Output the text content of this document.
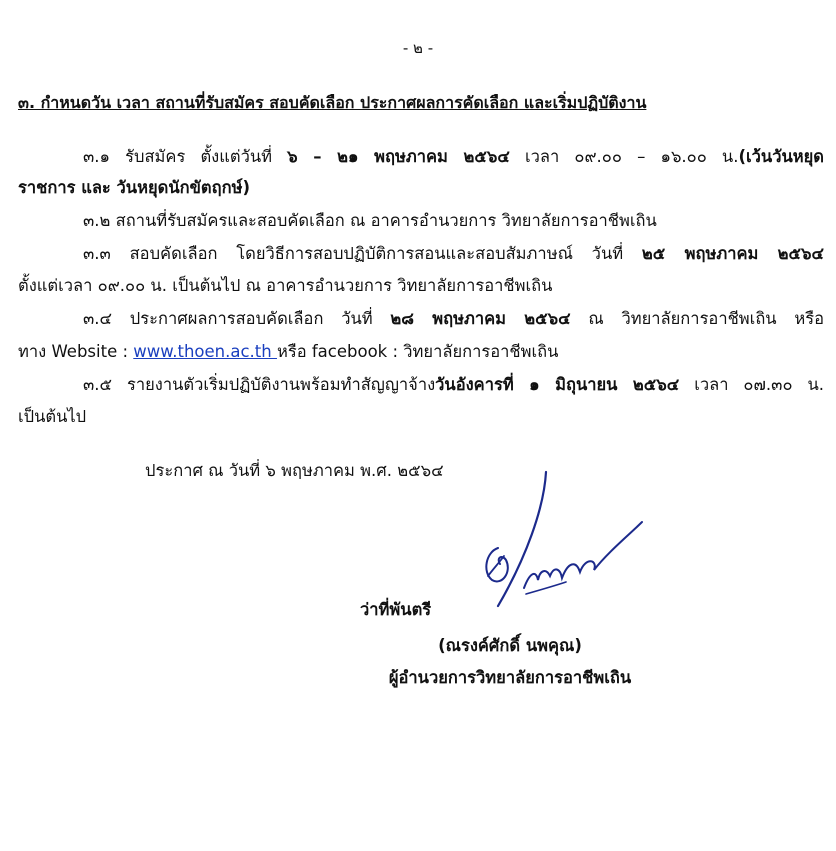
- ๒ -
๓. กำหนดวัน เวลา สถานที่รับสมัคร สอบคัดเลือก ประกาศผลการคัดเลือก และเริ่มปฏิบัติงาน
๓.๑ รับสมัคร ตั้งแต่วันที่ ๖ – ๒๑ พฤษภาคม ๒๕๖๔ เวลา ๐๙.๐๐ – ๑๖.๐๐ น.(เว้นวันหยุด
ราชการ และ วันหยุดนักขัตฤกษ์)
๓.๒ สถานที่รับสมัครและสอบคัดเลือก ณ อาคารอำนวยการ วิทยาลัยการอาชีพเถิน
๓.๓ สอบคัดเลือก โดยวิธีการสอบปฏิบัติการสอนและสอบสัมภาษณ์ วันที่ ๒๕ พฤษภาคม ๒๕๖๔
ตั้งแต่เวลา ๐๙.๐๐ น. เป็นต้นไป ณ อาคารอำนวยการ วิทยาลัยการอาชีพเถิน
๓.๔ ประกาศผลการสอบคัดเลือก วันที่ ๒๘ พฤษภาคม ๒๕๖๔ ณ วิทยาลัยการอาชีพเถิน หรือ
ทาง Website : www.thoen.ac.th หรือ facebook : วิทยาลัยการอาชีพเถิน
๓.๕ รายงานตัวเริ่มปฏิบัติงานพร้อมทำสัญญาจ้างวันอังคารที่ ๑ มิถุนายน ๒๕๖๔ เวลา ๐๗.๓๐ น.
เป็นต้นไป
ประกาศ ณ วันที่ ๖ พฤษภาคม พ.ศ. ๒๕๖๔
ว่าที่พันตรี
(ณรงค์ศักดิ์ นพคุณ)
ผู้อำนวยการวิทยาลัยการอาชีพเถิน
